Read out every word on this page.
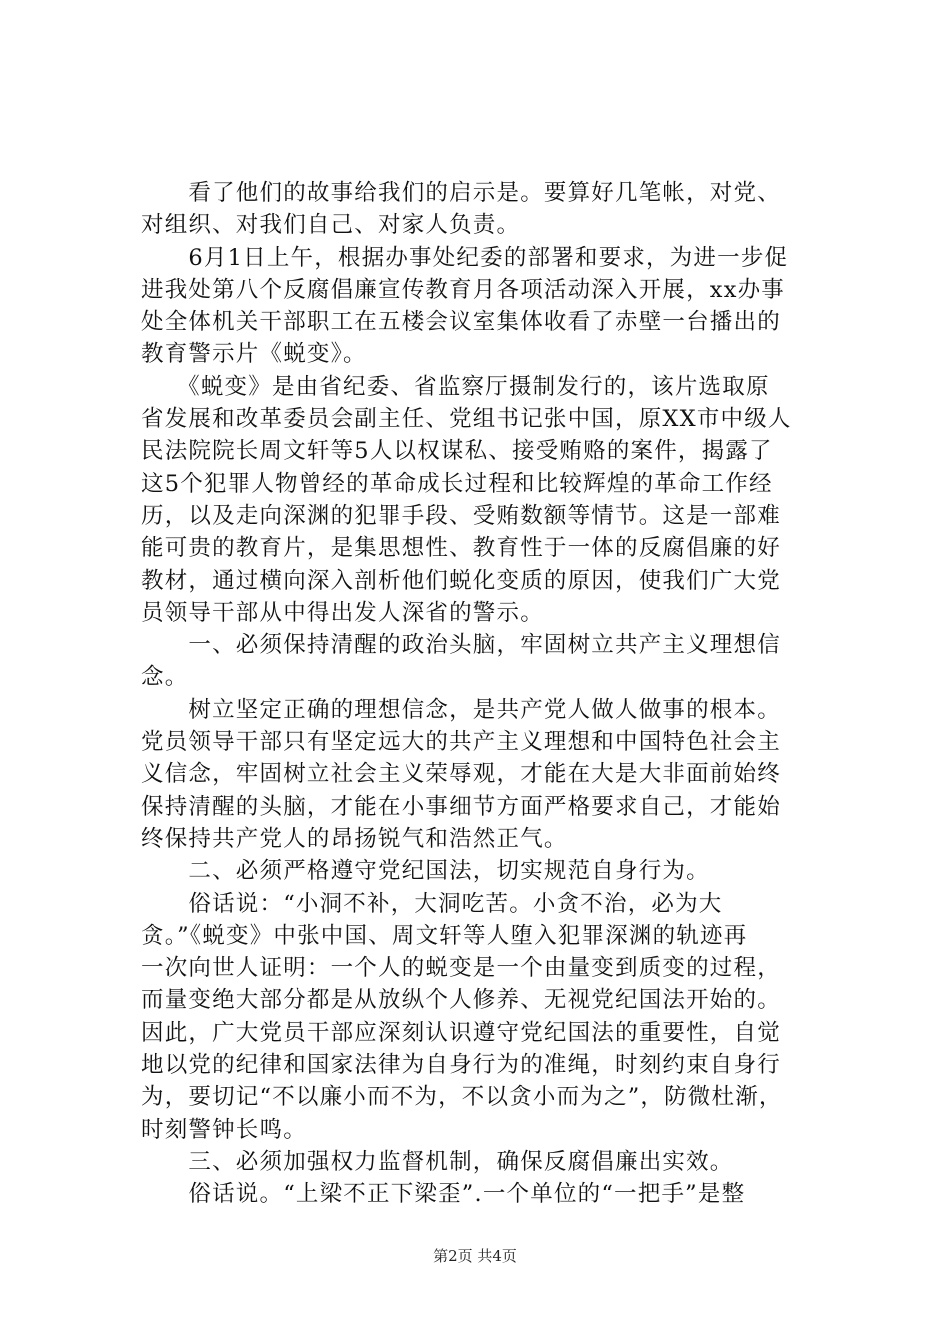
　　看了他们的故事给我们的启示是。要算好几笔帐，对党、
对组织、对我们自己、对家人负责。
　　6月1日上午，根据办事处纪委的部署和要求，为进一步促
进我处第八个反腐倡廉宣传教育月各项活动深入开展，xx办事
处全体机关干部职工在五楼会议室集体收看了赤壁一台播出的
教育警示片《蜕变》。
　　《蜕变》是由省纪委、省监察厅摄制发行的，该片选取原
省发展和改革委员会副主任、党组书记张中国，原XX市中级人
民法院院长周文轩等5人以权谋私、接受贿赂的案件，揭露了
这5个犯罪人物曾经的革命成长过程和比较辉煌的革命工作经
历，以及走向深渊的犯罪手段、受贿数额等情节。这是一部难
能可贵的教育片，是集思想性、教育性于一体的反腐倡廉的好
教材，通过横向深入剖析他们蜕化变质的原因，使我们广大党
员领导干部从中得出发人深省的警示。
　　一、必须保持清醒的政治头脑，牢固树立共产主义理想信
念。
　　树立坚定正确的理想信念，是共产党人做人做事的根本。
党员领导干部只有坚定远大的共产主义理想和中国特色社会主
义信念，牢固树立社会主义荣辱观，才能在大是大非面前始终
保持清醒的头脑，才能在小事细节方面严格要求自己，才能始
终保持共产党人的昂扬锐气和浩然正气。
　　二、必须严格遵守党纪国法，切实规范自身行为。
　　俗话说：“小洞不补，大洞吃苦。小贪不治，必为大
贪。”《蜕变》中张中国、周文轩等人堕入犯罪深渊的轨迹再
一次向世人证明：一个人的蜕变是一个由量变到质变的过程，
而量变绝大部分都是从放纵个人修养、无视党纪国法开始的。
因此，广大党员干部应深刻认识遵守党纪国法的重要性，自觉
地以党的纪律和国家法律为自身行为的准绳，时刻约束自身行
为，要切记“不以廉小而不为，不以贪小而为之”，防微杜渐，
时刻警钟长鸣。
　　三、必须加强权力监督机制，确保反腐倡廉出实效。
　　俗话说。“上梁不正下梁歪”.一个单位的“一把手”是整
第2页 共4页
